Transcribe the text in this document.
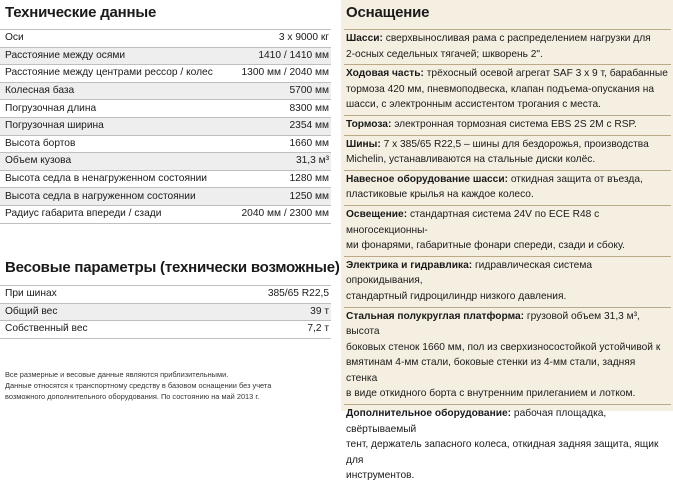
Технические данные
Оси	3 x 9000 кг
Расстояние между осями	1410 / 1410 мм
Расстояние между центрами рессор / колес	1300 мм / 2040 мм
Колесная база	5700 мм
Погрузочная длина	8300 мм
Погрузочная ширина	2354 мм
Высота бортов	1660 мм
Объем кузова	31,3 м³
Высота седла в ненагруженном состоянии	1280 мм
Высота седла в нагруженном состоянии	1250 мм
Радиус габарита впереди / сзади	2040 мм / 2300 мм
Весовые параметры (технически возможные)
При шинах	385/65 R22,5
Общий вес	39 т
Собственный вес	7,2 т
Все размерные и весовые данные являются приблизительными.
Данные относятся к транспортному средству в базовом оснащении без учета
возможного дополнительного оборудования. По состоянию на май 2013 г.
Оснащение
Шасси: сверхвыносливая рама с распределением нагрузки для
2-осных седельных тягачей; шкворень 2".
Ходовая часть: трёхосный осевой агрегат SAF 3 x 9 т, барабанные
тормоза 420 мм, пневмоподвеска, клапан подъема-опускания на
шасси, с электронным ассистентом трогания с места.
Тормоза: электронная тормозная система EBS 2S 2M с RSP.
Шины: 7 x 385/65 R22,5 – шины для бездорожья, производства
Michelin, устанавливаются на стальные диски колёс.
Навесное оборудование шасси: откидная защита от въезда,
пластиковые крылья на каждое колесо.
Освещение: стандартная система 24V по ECE R48 с многосекционны-
ми фонарями, габаритные фонари спереди, сзади и сбоку.
Электрика и гидравлика: гидравлическая система опрокидывания,
стандартный гидроцилиндр низкого давления.
Стальная полукруглая платформа: грузовой объем 31,3 м³, высота
боковых стенок 1660 мм, пол из сверхизносостойкой устойчивой к
вмятинам 4-мм стали, боковые стенки из 4-мм стали, задняя стенка
в виде откидного борта с внутренним прилеганием и лотком.
Дополнительное оборудование: рабочая площадка, свёртываемый
тент, держатель запасного колеса, откидная задняя защита, ящик для
инструментов.
